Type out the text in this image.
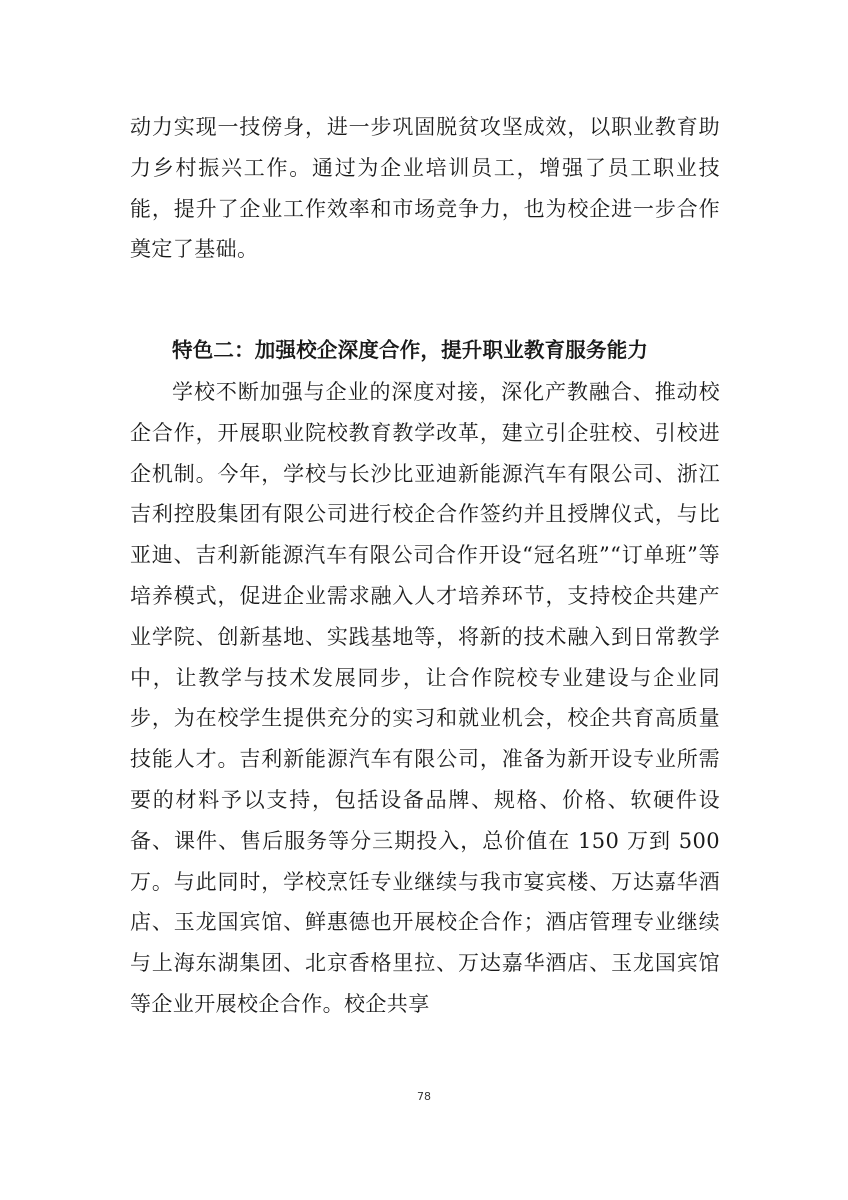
动力实现一技傍身，进一步巩固脱贫攻坚成效，以职业教育助力乡村振兴工作。通过为企业培训员工，增强了员工职业技能，提升了企业工作效率和市场竞争力，也为校企进一步合作奠定了基础。

特色二：加强校企深度合作，提升职业教育服务能力

学校不断加强与企业的深度对接，深化产教融合、推动校企合作，开展职业院校教育教学改革，建立引企驻校、引校进企机制。今年，学校与长沙比亚迪新能源汽车有限公司、浙江吉利控股集团有限公司进行校企合作签约并且授牌仪式，与比亚迪、吉利新能源汽车有限公司合作开设“冠名班”“订单班”等培养模式，促进企业需求融入人才培养环节，支持校企共建产业学院、创新基地、实践基地等，将新的技术融入到日常教学中，让教学与技术发展同步，让合作院校专业建设与企业同步，为在校学生提供充分的实习和就业机会，校企共育高质量技能人才。吉利新能源汽车有限公司，准备为新开设专业所需要的材料予以支持，包括设备品牌、规格、价格、软硬件设备、课件、售后服务等分三期投入，总价值在 150 万到 500 万。与此同时，学校烹饪专业继续与我市宴宾楼、万达嘉华酒店、玉龙国宾馆、鲜惠德也开展校企合作；酒店管理专业继续与上海东湖集团、北京香格里拉、万达嘉华酒店、玉龙国宾馆等企业开展校企合作。校企共享

78
